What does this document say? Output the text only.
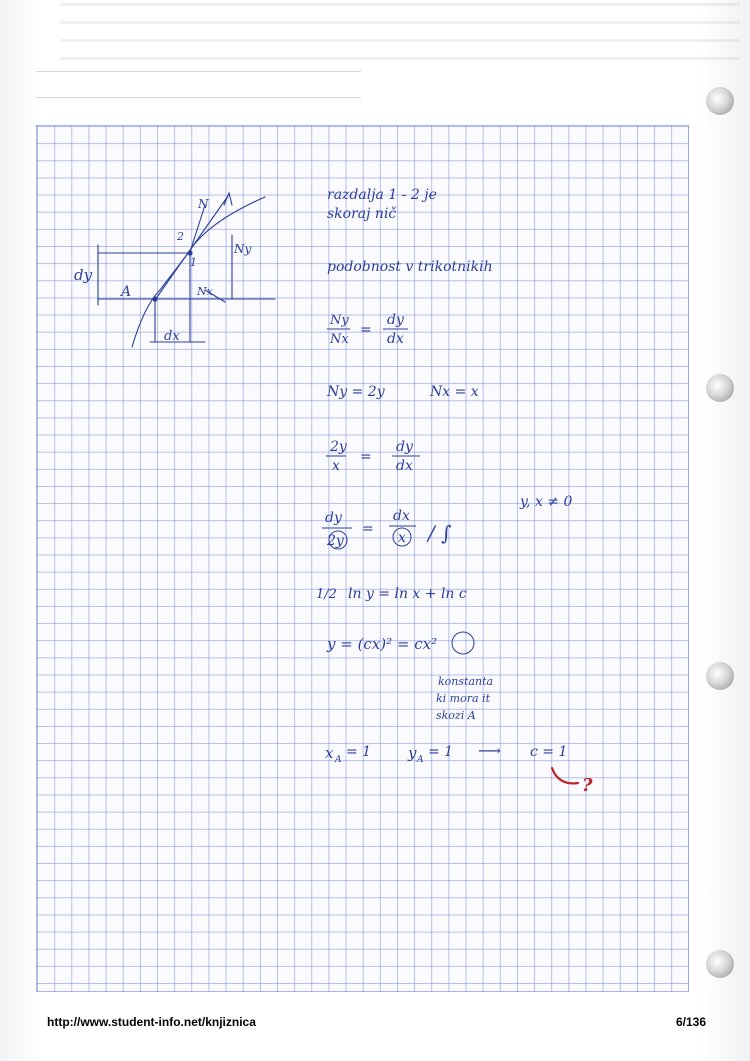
dy
A
dx
2
1
N
Ny
Nx
razdalja 1 - 2 je
skoraj nič
podobnost v trikotnikih
Ny
Nx
=
dy
dx
Ny = 2y	Nx = x
2y
x
=
dy
dx
dy
2y
=
dx
x / ∫
y, x ≠ 0
1/2 ln y = ln x + ln c
y = (cx)² = cx²
konstanta
ki mora it
skozi A
x A = 1 y A = 1 ⟶ c = 1
?
http://www.student-info.net/knjiznica	6/136
